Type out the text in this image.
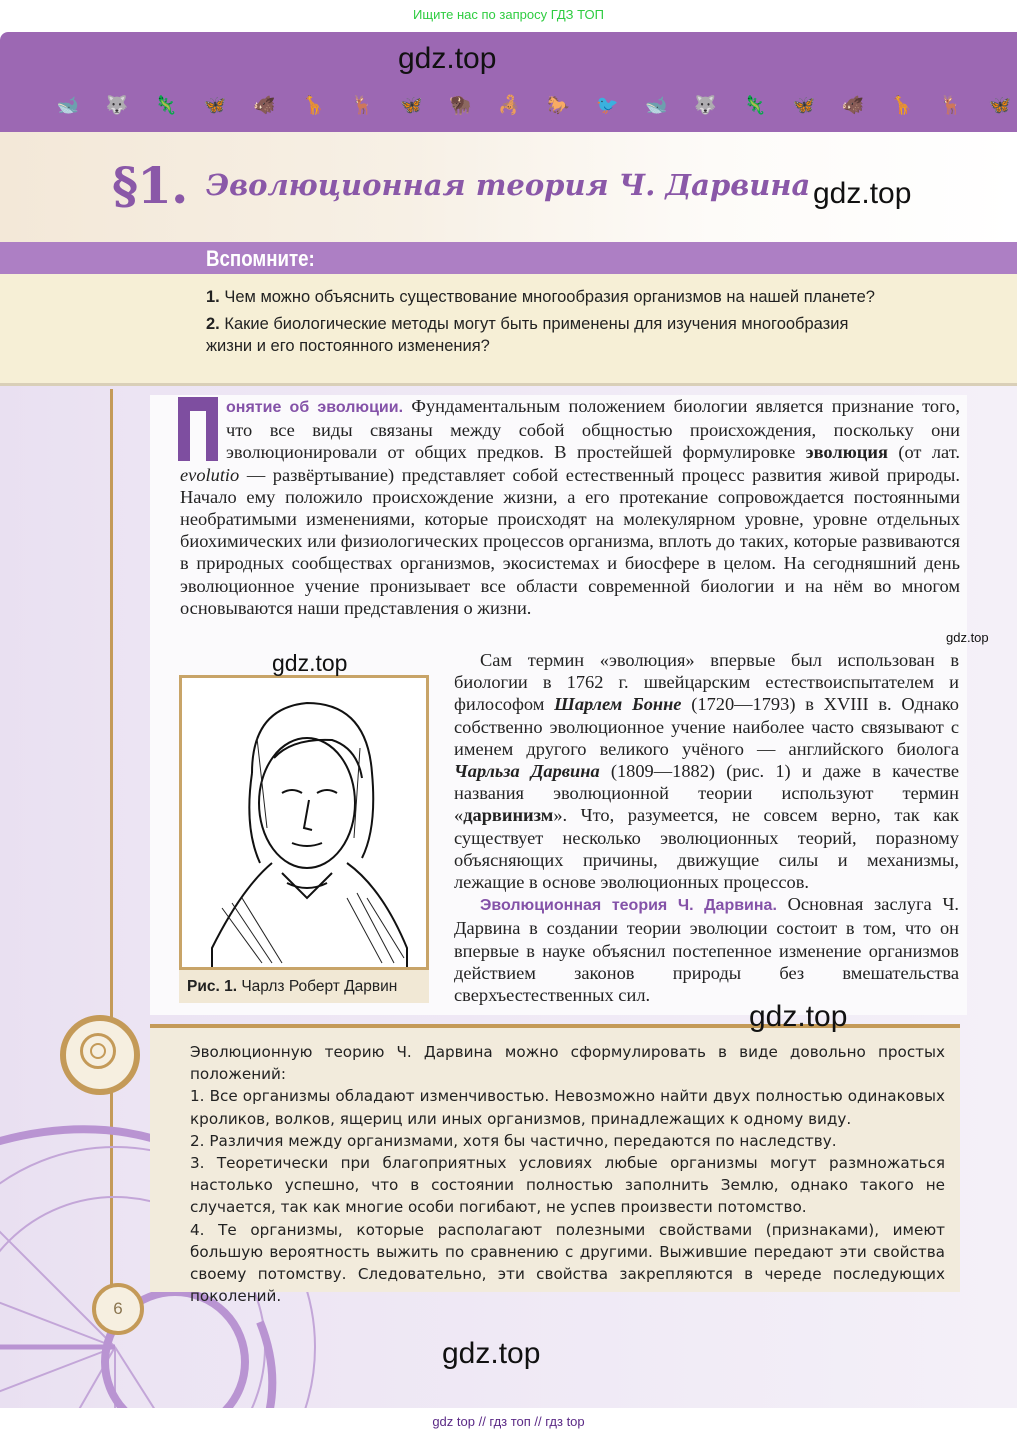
Ищите нас по запросу ГДЗ ТОП
🐋 🐺 🦎 🦋 🐗 🦒 🦌 🦋 🦬 🦂 🐎 🐦 🐋 🐺 🦎 🦋 🐗 🦒 🦌 🦋
§1. Эволюционная теория Ч. Дарвина
Вспомните:

1. Чем можно объяснить существование многообразия организмов на нашей планете?

2. Какие биологические методы могут быть применены для изучения многообразия жизни и его постоянного изменения?

онятие об эволюции. Фундаментальным положением биологии является признание того, что все виды связаны между собой общностью происхождения, поскольку они эволюционировали от общих предков. В простейшей формулировке эволюция (от лат. evolutio — развёртывание) представляет собой естественный процесс развития живой природы. Начало ему положило происхождение жизни, а его протекание сопровождается постоянными необратимыми изменениями, которые происходят на молекулярном уровне, уровне отдельных биохимических или физиологических процессов организма, вплоть до таких, которые развиваются в природных сообществах организмов, экосистемах и биосфере в целом. На сегодняшний день эволюционное учение пронизывает все области современной биологии и на нём во многом основываются наши представления о жизни.
Рис. 1. Чарлз Роберт Дарвин

Сам термин «эволюция» впервые был использован в биологии в 1762 г. швейцарским естествоиспытателем и философом Шарлем Бонне (1720—1793) в XVIII в. Однако собственно эволюционное учение наиболее часто связывают с именем другого великого учёного — английского биолога Чарльза Дарвина (1809—1882) (рис. 1) и даже в качестве названия эволюционной теории используют термин «дарвинизм». Что, разумеется, не совсем верно, так как существует несколько эволюционных теорий, поразному объясняющих причины, движущие силы и механизмы, лежащие в основе эволюционных процессов.

Эволюционная теория Ч. Дарвина. Основная заслуга Ч. Дарвина в создании теории эволюции состоит в том, что он впервые в науке объяснил постепенное изменение организмов действием законов природы без вмешательства сверхъестественных сил.

Эволюционную теорию Ч. Дарвина можно сформулировать в виде довольно простых положений:
1. Все организмы обладают изменчивостью. Невозможно найти двух полностью одинаковых кроликов, волков, ящериц или иных организмов, принадлежащих к одному виду.
2. Различия между организмами, хотя бы частично, передаются по наследству.
3. Теоретически при благоприятных условиях любые организмы могут размножаться настолько успешно, что в состоянии полностью заполнить Землю, однако такого не случается, так как многие особи погибают, не успев произвести потомство.
4. Те организмы, которые располагают полезными свойствами (признаками), имеют большую вероятность выжить по сравнению с другими. Выжившие передают эти свойства своему потомству. Следовательно, эти свойства закрепляются в череде последующих поколений.
6
gdz.top
gdz.top
gdz.top
gdz.top
gdz.top
gdz.top
gdz top // гдз топ // гдз top
